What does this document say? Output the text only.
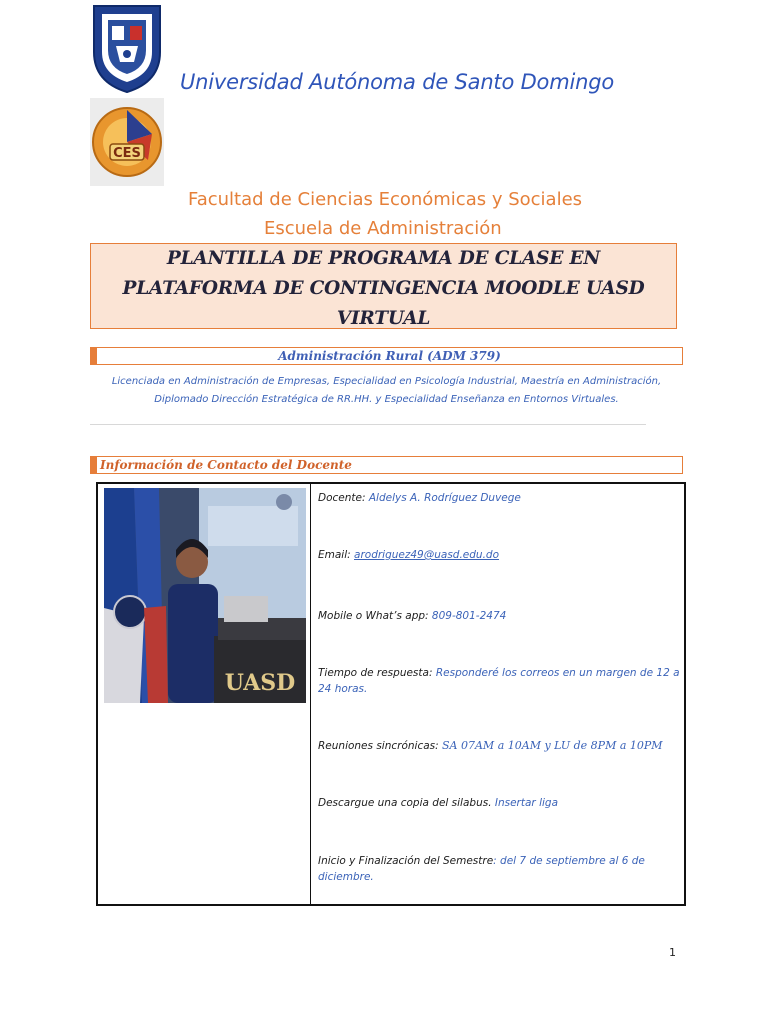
CES
Universidad Autónoma de Santo Domingo
Facultad de Ciencias Económicas y Sociales
Escuela de Administración
PLANTILLA DE PROGRAMA DE CLASE EN
PLATAFORMA DE CONTINGENCIA MOODLE UASD
VIRTUAL
Administración Rural (ADM 379)
Licenciada en Administración de Empresas, Especialidad en Psicología Industrial, Maestría en Administración,
Diplomado Dirección Estratégica de RR.HH. y Especialidad Enseñanza en Entornos Virtuales.
Información de Contacto del Docente
UASD
Docente: Aldelys A. Rodríguez Duvege
Email: arodriguez49@uasd.edu.do
Mobile o What’s app: 809-801-2474
Tiempo de respuesta: Responderé los correos en un margen de 12 a 24 horas.
Reuniones sincrónicas: SA 07AM a 10AM y LU de 8PM a 10PM
Descargue una copia del silabus. Insertar liga
Inicio y Finalización del Semestre: del 7 de septiembre al 6 de diciembre.
1
